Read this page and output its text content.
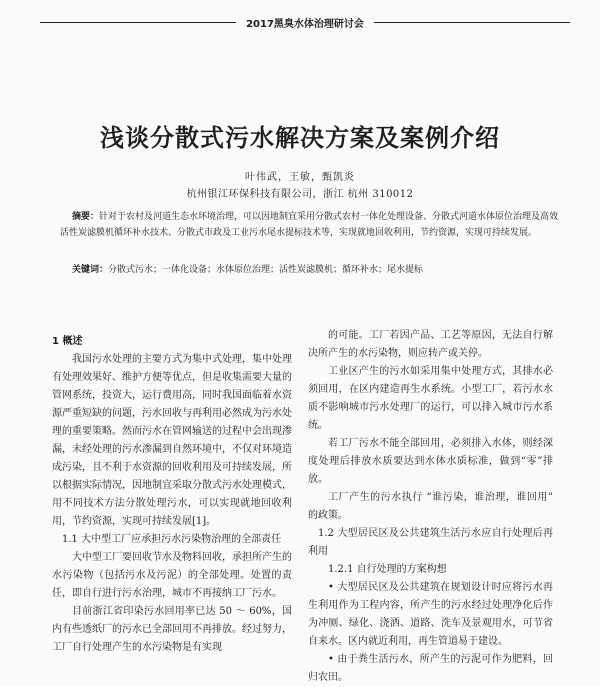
2017黑臭水体治理研讨会
浅谈分散式污水解决方案及案例介绍
叶伟武，王敏，甄凯炎
杭州银江环保科技有限公司，浙江 杭州 310012
摘要：针对于农村及河道生态水环境治理，可以因地制宜采用分散式农村一体化处理设备、分散式河道水体原位治理及高效活性炭滤膜机循环补水技术、分散式市政及工业污水尾水提标技术等，实现就地回收利用，节约资源，实现可持续发展。
关键词：分散式污水；一体化设备；水体原位治理；活性炭滤膜机；循环补水；尾水提标
1 概述

我国污水处理的主要方式为集中式处理，集中处理有处理效果好、维护方便等优点，但是收集需要大量的管网系统，投资大，运行费用高，同时我国面临着水资源严重短缺的问题，污水回收与再利用必然成为污水处理的重要策略。然而污水在管网输送的过程中会出现渗漏，未经处理的污水渗漏到自然环境中，不仅对环境造成污染，且不利于水资源的回收利用及可持续发展，所以根据实际情况，因地制宜采取分散式污水处理模式，用不同技术方法分散处理污水，可以实现就地回收利用，节约资源，实现可持续发展[1]。

1.1 大中型工厂应承担污水污染物治理的全部责任

大中型工厂要回收节水及物料回收，承担所产生的水污染物（包括污水及污泥）的全部处理。处置的责任，即自行进行污水治理，城市不再接纳工厂污水。

目前浙江省印染污水回用率已达 50 ～ 60%，国内有些透纸厂的污水已全部回用不再排放。经过努力，工厂自行处理产生的水污染物是有实现

的可能。工厂若因产品、工艺等原因，无法自行解决所产生的水污染物，则应转产或关停。

工业区产生的污水如采用集中处理方式，其排水必须回用，在区内建造再生水系统。小型工厂，若污水水质不影响城市污水处理厂的运行，可以排入城市污水系统。

若工厂污水不能全部回用，必须排入水体，则经深度处理后排放水质要达到水体水质标准，做到“零”排放。

工厂产生的污水执行 “谁污染，谁治理，谁回用” 的政策。

1.2 大型居民区及公共建筑生活污水应自行处理后再利用
1.2.1 自行处理的方案构想

• 大型居民区及公共建筑在规划设计时应将污水再生利用作为工程内容，所产生的污水经过处理净化后作为冲厕、绿化、浇洒、道路、洗车及景观用水，可节省自来水。区内就近利用，再生管道易于建设。

• 由于粪生活污水，所产生的污泥可作为肥料，回归农田。
